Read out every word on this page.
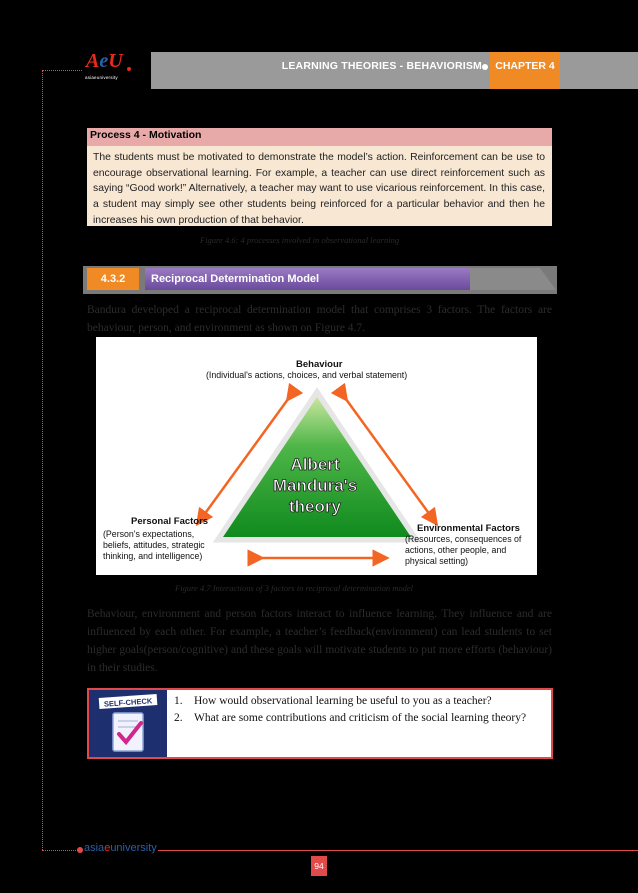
LEARNING THEORIES - BEHAVIORISM	CHAPTER 4
AeU
asiaeuniversity
asiaeuniversity
Process 4 - Motivation
The students must be motivated to demonstrate the model’s action. Reinforcement can be use to encourage observational learning. For example, a teacher can use direct reinforcement such as saying “Good work!” Alternatively, a teacher may want to use vicarious reinforcement. In this case, a student may simply see other students being reinforced for a particular behavior and then he increases his own production of that behavior.
Figure 4.6: 4 processes involved in observational learning
4.3.2	Reciprocal Determination Model
Bandura developed a reciprocal determination model that comprises 3 factors. The factors are behaviour, person, and environment as shown on Figure 4.7.
Albert
Mandura's
theory
Behaviour
(Individual's actions, choices, and verbal statement)
Personal Factors
(Person's expectations,
beliefs, attitudes, strategic
thinking, and intelligence)
Environmental Factors
(Resources, consequences of
actions, other people, and
physical setting)
Figure 4.7 Interactions of 3 factors in reciprocal determination model
Behaviour, environment and person factors interact to influence learning. They influence and are influenced by each other. For example, a teacher’s feedback(environment) can lead students to set higher goals(person/cognitive) and these goals will motivate students to put more efforts (behaviour) in their studies.
SELF-CHECK 1. How would observational learning be useful to you as a teacher?
2. What are some contributions and criticism of the social learning theory?
94
